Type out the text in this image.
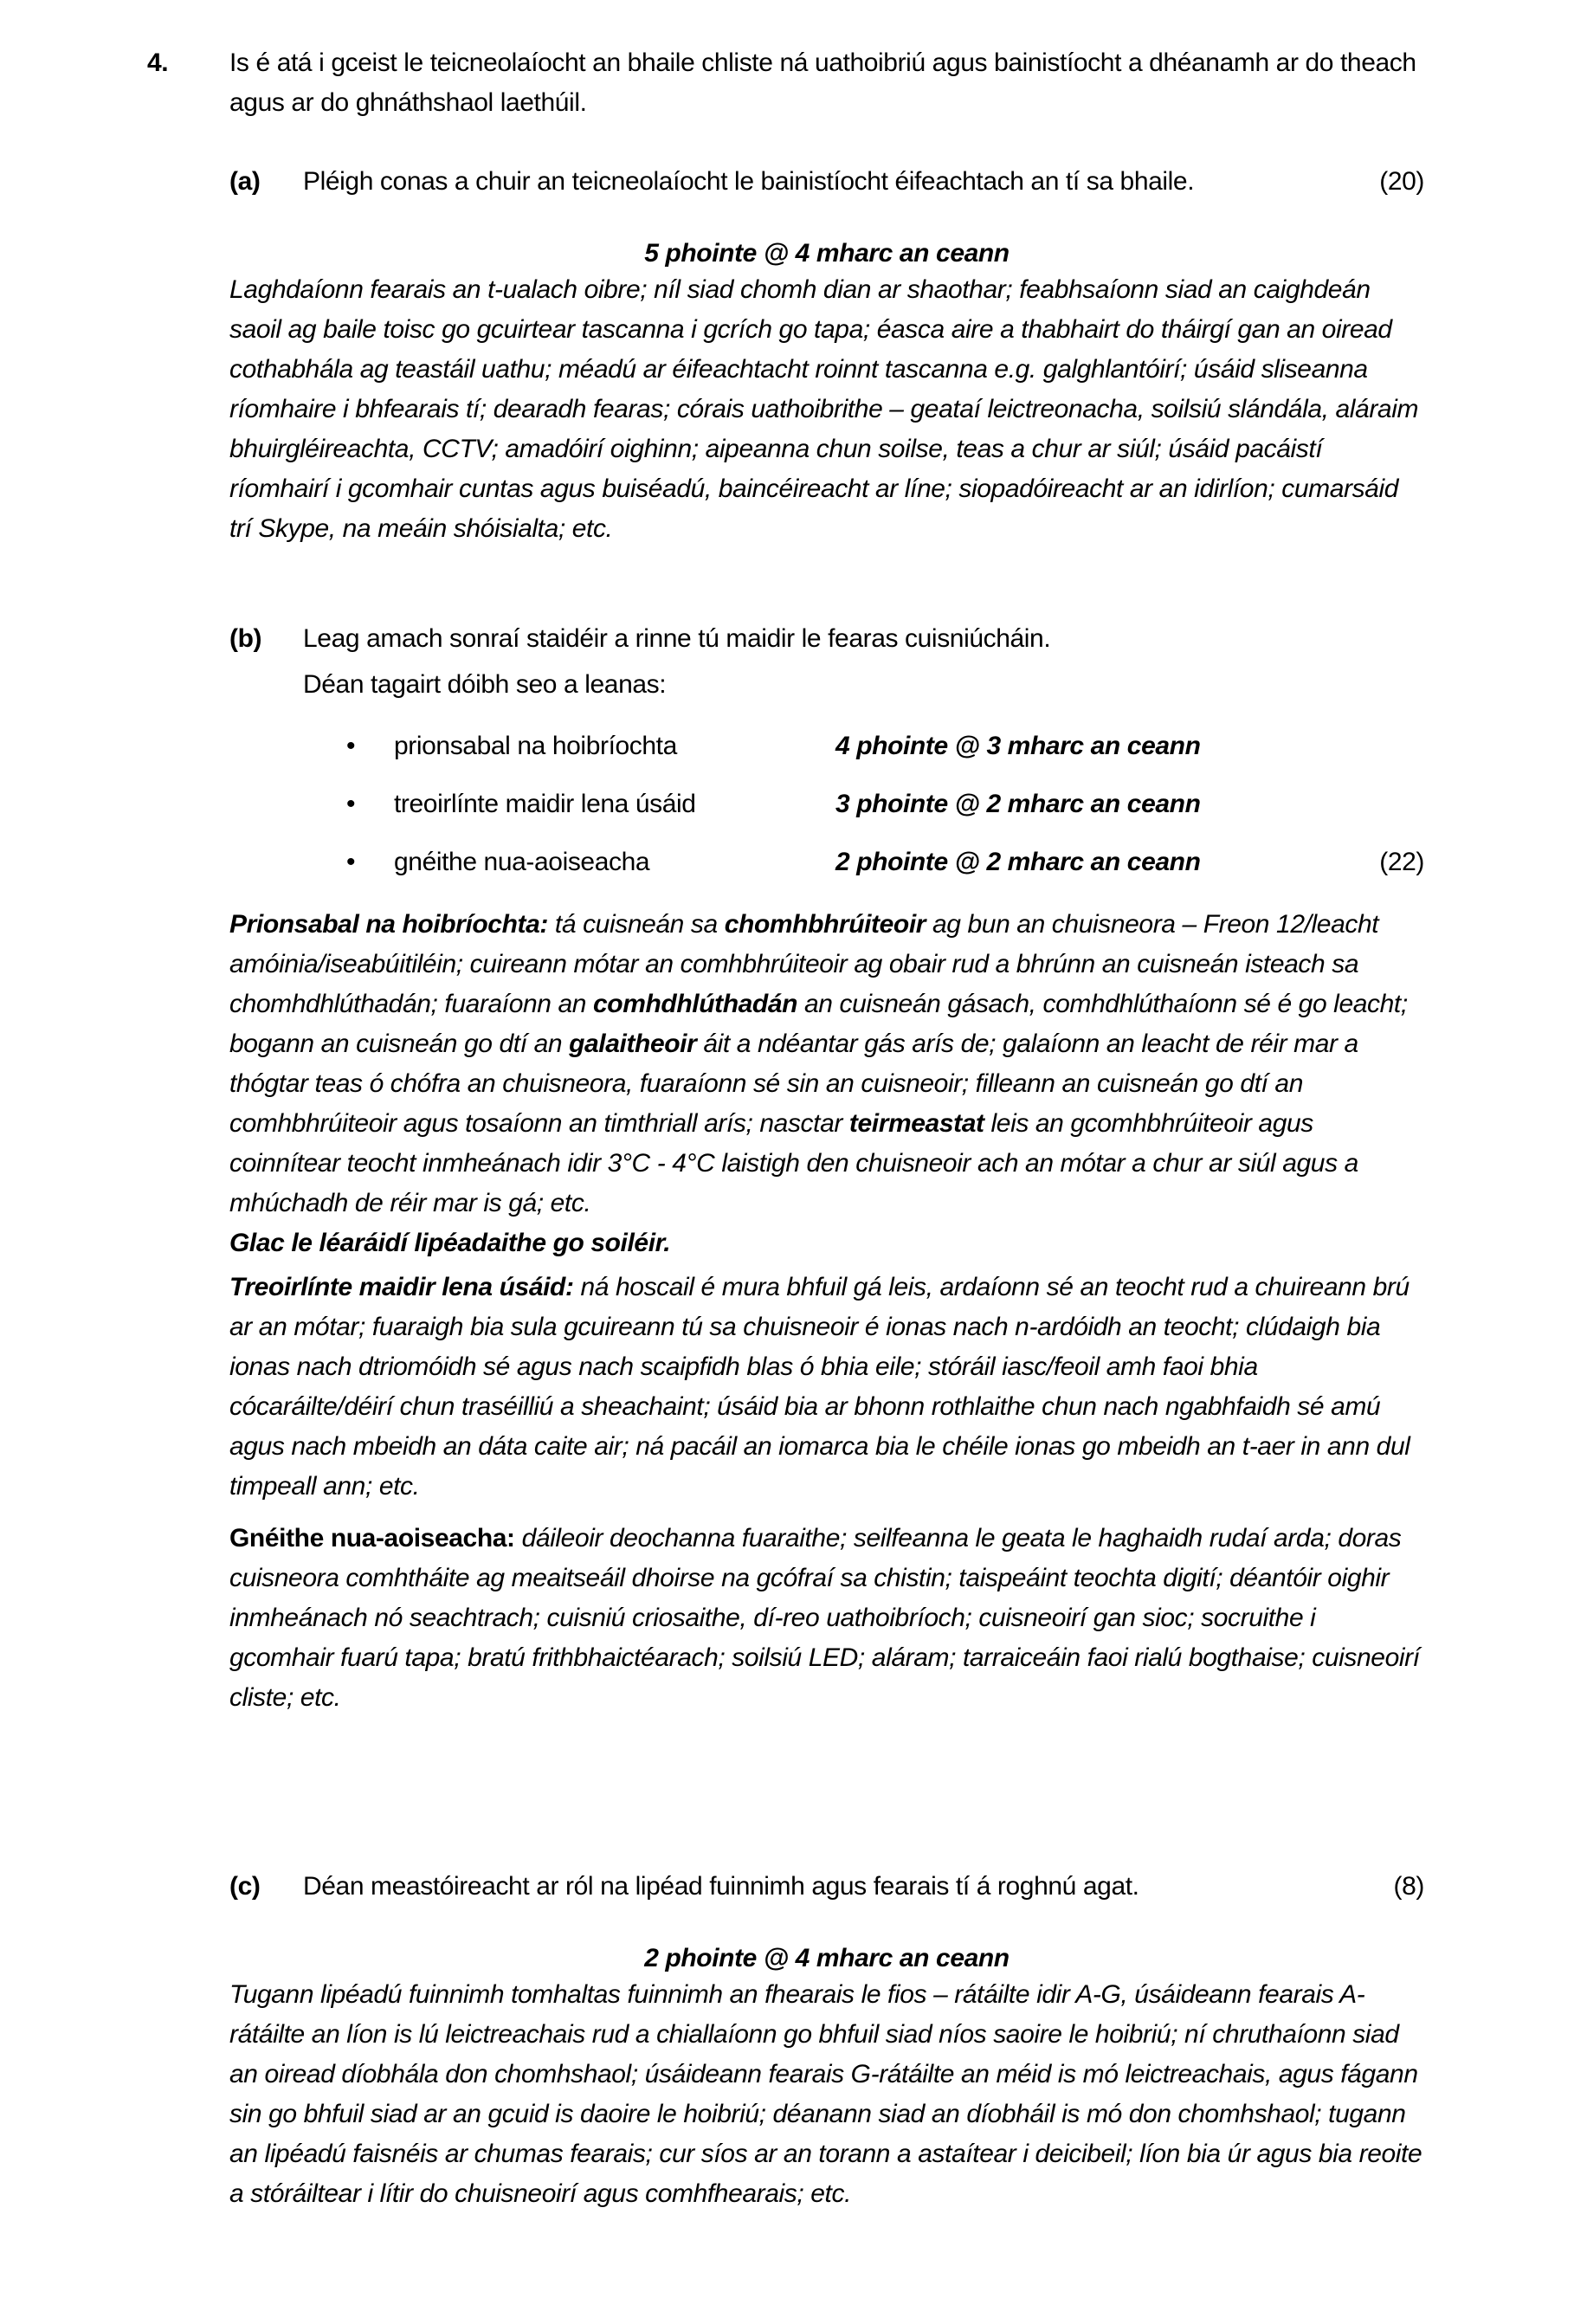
4.	Is é atá i gceist le teicneolaíocht an bhaile chliste ná uathoibriú agus bainistíocht a dhéanamh ar do theach agus ar do ghnáthshaol laethúil.
(a)	Pléigh conas a chuir an teicneolaíocht le bainistíocht éifeachtach an tí sa bhaile.	(20)
5 phointe @ 4 mharc an ceann

Laghdaíonn fearais an t-ualach oibre; níl siad chomh dian ar shaothar; feabhsaíonn siad an caighdeán saoil ag baile toisc go gcuirtear tascanna i gcrích go tapa; éasca aire a thabhairt do tháirgí gan an oiread cothabhála ag teastáil uathu; méadú ar éifeachtacht roinnt tascanna e.g. galghlantóirí; úsáid sliseanna ríomhaire i bhfearais tí; dearadh fearas; córais uathoibrithe – geataí leictreonacha, soilsiú slándála, aláraim bhuirgléireachta, CCTV; amadóirí oighinn; aipeanna chun soilse, teas a chur ar siúl; úsáid pacáistí ríomhairí i gcomhair cuntas agus buiséadú, baincéireacht ar líne; siopadóireacht ar an idirlíon; cumarsáid trí Skype, na meáin shóisialta; etc.

(b)	Leag amach sonraí staidéir a rinne tú maidir le fearas cuisniúcháin.
Déan tagairt dóibh seo a leanas:
•	prionsabal na hoibríochta	4 phointe @ 3 mharc an ceann
•	treoirlínte maidir lena úsáid	3 phointe @ 2 mharc an ceann
•	gnéithe nua-aoiseacha	2 phointe @ 2 mharc an ceann	(22)

Prionsabal na hoibríochta: tá cuisneán sa chomhbhrúiteoir ag bun an chuisneora – Freon 12/leacht amóinia/iseabúitiléin; cuireann mótar an comhbhrúiteoir ag obair rud a bhrúnn an cuisneán isteach sa chomhdhlúthadán; fuaraíonn an comhdhlúthadán an cuisneán gásach, comhdhlúthaíonn sé é go leacht; bogann an cuisneán go dtí an galaitheoir áit a ndéantar gás arís de; galaíonn an leacht de réir mar a thógtar teas ó chófra an chuisneora, fuaraíonn sé sin an cuisneoir; filleann an cuisneán go dtí an comhbhrúiteoir agus tosaíonn an timthriall arís; nasctar teirmeastat leis an gcomhbhrúiteoir agus coinnítear teocht inmheánach idir 3°C - 4°C laistigh den chuisneoir ach an mótar a chur ar siúl agus a mhúchadh de réir mar is gá; etc.
Glac le léaráidí lipéadaithe go soiléir.

Treoirlínte maidir lena úsáid: ná hoscail é mura bhfuil gá leis, ardaíonn sé an teocht rud a chuireann brú ar an mótar; fuaraigh bia sula gcuireann tú sa chuisneoir é ionas nach n-ardóidh an teocht; clúdaigh bia ionas nach dtriomóidh sé agus nach scaipfidh blas ó bhia eile; stóráil iasc/feoil amh faoi bhia cócaráilte/déirí chun traséilliú a sheachaint; úsáid bia ar bhonn rothlaithe chun nach ngabhfaidh sé amú agus nach mbeidh an dáta caite air; ná pacáil an iomarca bia le chéile ionas go mbeidh an t-aer in ann dul timpeall ann; etc.

Gnéithe nua-aoiseacha: dáileoir deochanna fuaraithe; seilfeanna le geata le haghaidh rudaí arda; doras cuisneora comhtháite ag meaitseáil dhoirse na gcófraí sa chistin; taispeáint teochta digití; déantóir oighir inmheánach nó seachtrach; cuisniú criosaithe, dí-reo uathoibríoch; cuisneoirí gan sioc; socruithe i gcomhair fuarú tapa; bratú frithbhaictéarach; soilsiú LED; aláram; tarraiceáin faoi rialú bogthaise; cuisneoirí cliste; etc.

(c)	Déan meastóireacht ar ról na lipéad fuinnimh agus fearais tí á roghnú agat.	(8)
2 phointe @ 4 mharc an ceann

Tugann lipéadú fuinnimh tomhaltas fuinnimh an fhearais le fios – rátáilte idir A-G, úsáideann fearais A-rátáilte an líon is lú leictreachais rud a chiallaíonn go bhfuil siad níos saoire le hoibriú; ní chruthaíonn siad an oiread díobhála don chomhshaol; úsáideann fearais G-rátáilte an méid is mó leictreachais, agus fágann sin go bhfuil siad ar an gcuid is daoire le hoibriú; déanann siad an díobháil is mó don chomhshaol; tugann an lipéadú faisnéis ar chumas fearais; cur síos ar an torann a astaítear i deicibeil; líon bia úr agus bia reoite a stóráiltear i lítir do chuisneoirí agus comhfhearais; etc.
